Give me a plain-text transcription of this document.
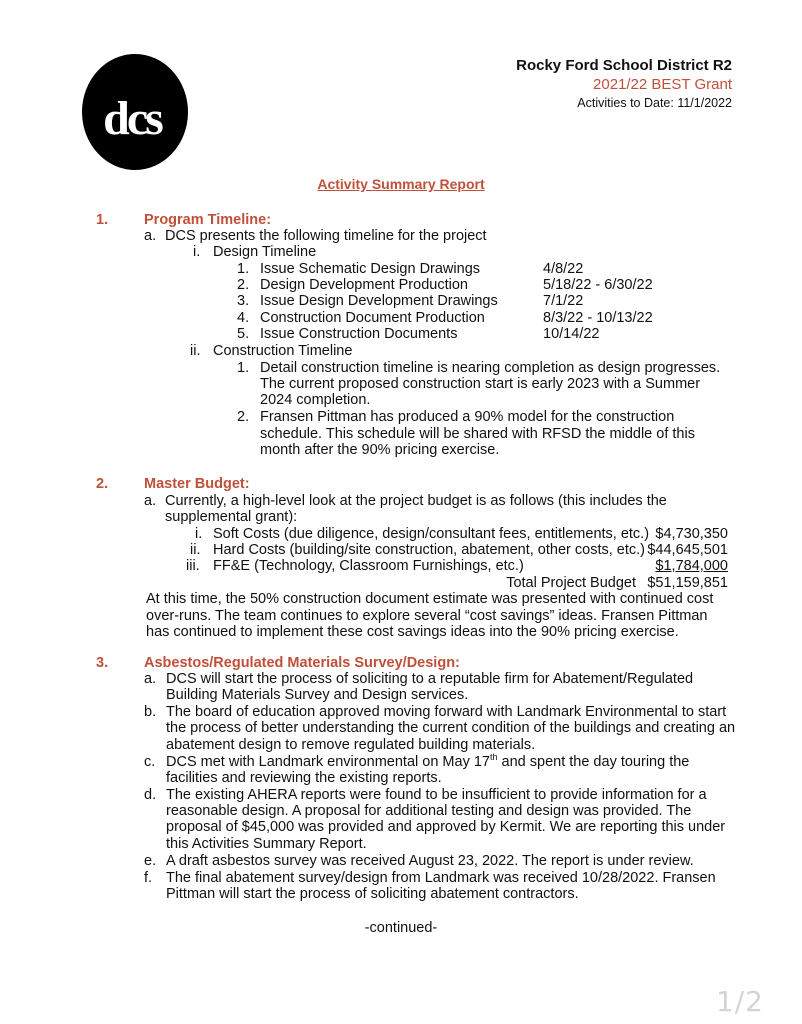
dcs
Rocky Ford School District R2
2021/22 BEST Grant
Activities to Date: 11/1/2022
Activity Summary Report
1. Program Timeline:
a. DCS presents the following timeline for the project
i. Design Timeline
1. Issue Schematic Design Drawings	4/8/22
2. Design Development Production	5/18/22 - 6/30/22
3. Issue Design Development Drawings	7/1/22
4. Construction Document Production	8/3/22 - 10/13/22
5. Issue Construction Documents	10/14/22
ii. Construction Timeline
1. Detail construction timeline is nearing completion as design progresses.
The current proposed construction start is early 2023 with a Summer
2024 completion.
2. Fransen Pittman has produced a 90% model for the construction
schedule. This schedule will be shared with RFSD the middle of this
month after the 90% pricing exercise.
2. Master Budget:
a. Currently, a high-level look at the project budget is as follows (this includes the
supplemental grant):
i. Soft Costs (due diligence, design/consultant fees, entitlements, etc.) $4,730,350
ii. Hard Costs (building/site construction, abatement, other costs, etc.) $44,645,501
iii. FF&E (Technology, Classroom Furnishings, etc.)	$1,784,000
Total Project Budget $51,159,851
At this time, the 50% construction document estimate was presented with continued cost
over-runs. The team continues to explore several “cost savings” ideas. Fransen Pittman
has continued to implement these cost savings ideas into the 90% pricing exercise.
3. Asbestos/Regulated Materials Survey/Design:
a. DCS will start the process of soliciting to a reputable firm for Abatement/Regulated
Building Materials Survey and Design services.
b. The board of education approved moving forward with Landmark Environmental to start
the process of better understanding the current condition of the buildings and creating an
abatement design to remove regulated building materials.
c. DCS met with Landmark environmental on May 17th and spent the day touring the
facilities and reviewing the existing reports.
d. The existing AHERA reports were found to be insufficient to provide information for a
reasonable design. A proposal for additional testing and design was provided. The
proposal of $45,000 was provided and approved by Kermit. We are reporting this under
this Activities Summary Report.
e. A draft asbestos survey was received August 23, 2022. The report is under review.
f. The final abatement survey/design from Landmark was received 10/28/2022. Fransen
Pittman will start the process of soliciting abatement contractors.
-continued-
1/2
